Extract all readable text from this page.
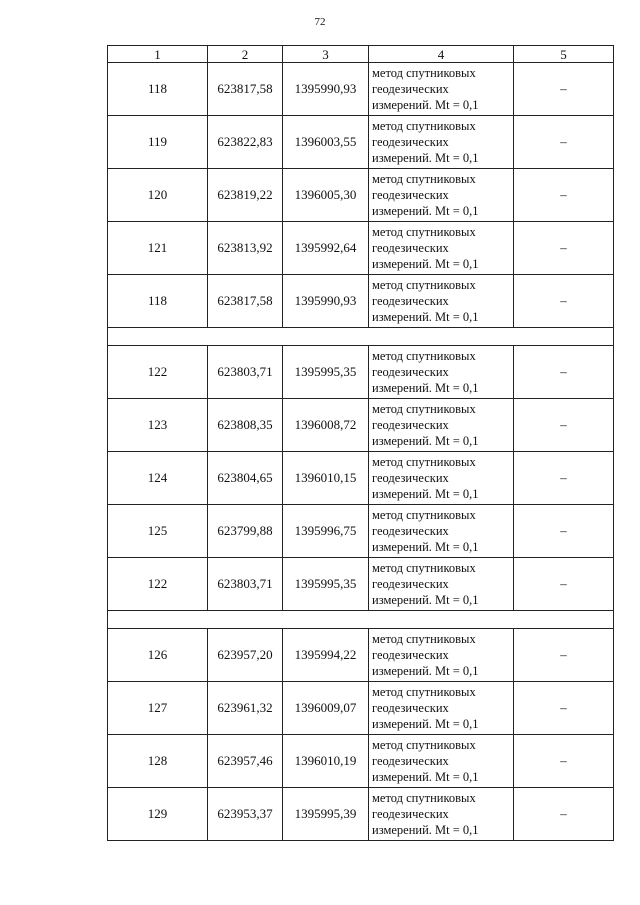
72
1	2	3	4	5
118	623817,58	1395990,93	метод спутниковых
геодезических
измерений. Mt = 0,1	–
119	623822,83	1396003,55	метод спутниковых
геодезических
измерений. Mt = 0,1	–
120	623819,22	1396005,30	метод спутниковых
геодезических
измерений. Mt = 0,1	–
121	623813,92	1395992,64	метод спутниковых
геодезических
измерений. Mt = 0,1	–
118	623817,58	1395990,93	метод спутниковых
геодезических
измерений. Mt = 0,1	–

122	623803,71	1395995,35	метод спутниковых
геодезических
измерений. Mt = 0,1	–
123	623808,35	1396008,72	метод спутниковых
геодезических
измерений. Mt = 0,1	–
124	623804,65	1396010,15	метод спутниковых
геодезических
измерений. Mt = 0,1	–
125	623799,88	1395996,75	метод спутниковых
геодезических
измерений. Mt = 0,1	–
122	623803,71	1395995,35	метод спутниковых
геодезических
измерений. Mt = 0,1	–

126	623957,20	1395994,22	метод спутниковых
геодезических
измерений. Mt = 0,1	–
127	623961,32	1396009,07	метод спутниковых
геодезических
измерений. Mt = 0,1	–
128	623957,46	1396010,19	метод спутниковых
геодезических
измерений. Mt = 0,1	–
129	623953,37	1395995,39	метод спутниковых
геодезических
измерений. Mt = 0,1	–
